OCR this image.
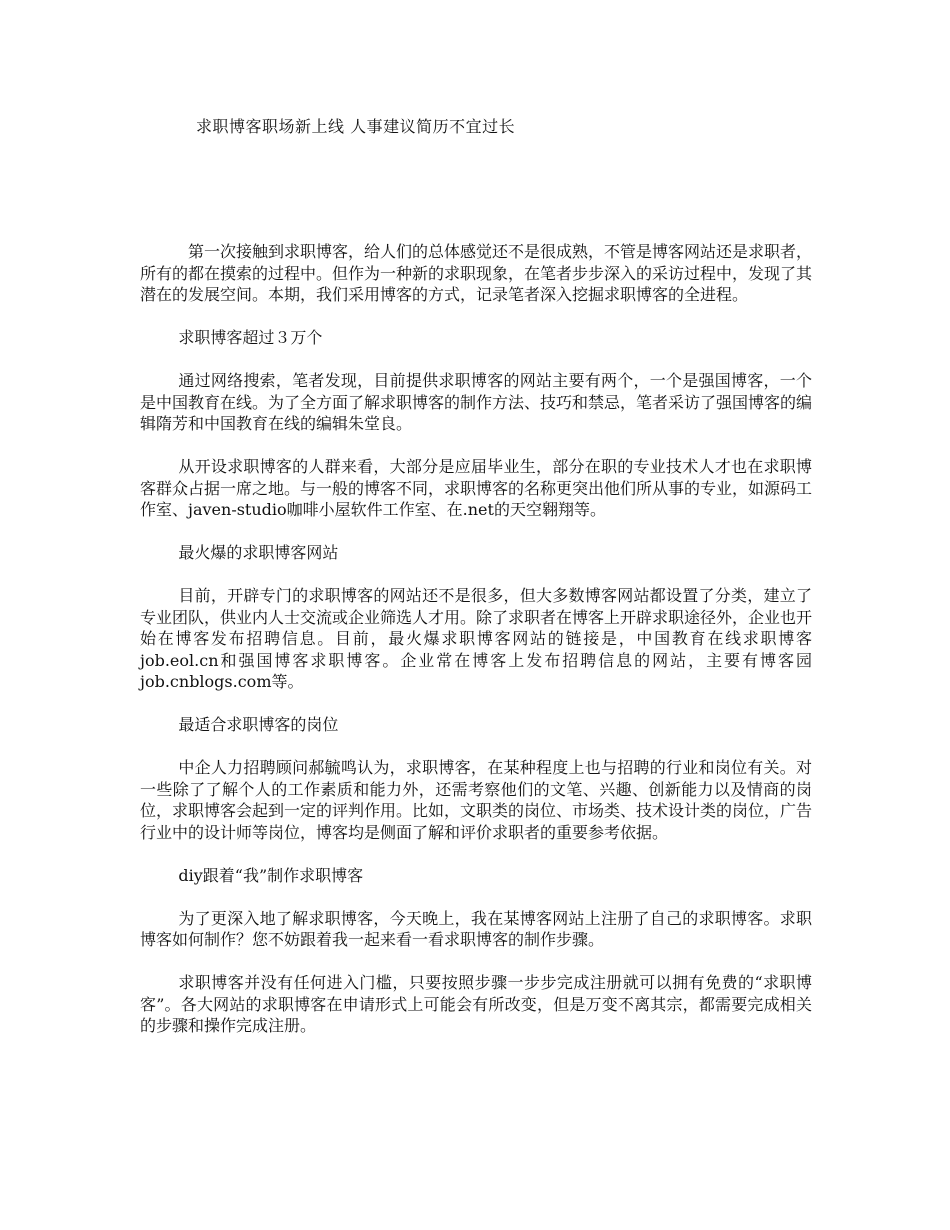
求职博客职场新上线 人事建议简历不宜过长

第一次接触到求职博客，给人们的总体感觉还不是很成熟，不管是博客网站还是求职者，所有的都在摸索的过程中。但作为一种新的求职现象，在笔者步步深入的采访过程中，发现了其潜在的发展空间。本期，我们采用博客的方式，记录笔者深入挖掘求职博客的全进程。

求职博客超过３万个

通过网络搜索，笔者发现，目前提供求职博客的网站主要有两个，一个是强国博客，一个是中国教育在线。为了全方面了解求职博客的制作方法、技巧和禁忌，笔者采访了强国博客的编辑隋芳和中国教育在线的编辑朱堂良。

从开设求职博客的人群来看，大部分是应届毕业生，部分在职的专业技术人才也在求职博客群众占据一席之地。与一般的博客不同，求职博客的名称更突出他们所从事的专业，如源码工作室、javen-studio咖啡小屋软件工作室、在.net的天空翱翔等。

最火爆的求职博客网站

目前，开辟专门的求职博客的网站还不是很多，但大多数博客网站都设置了分类，建立了专业团队，供业内人士交流或企业筛选人才用。除了求职者在博客上开辟求职途径外，企业也开始在博客发布招聘信息。目前，最火爆求职博客网站的链接是，中国教育在线求职博客job.eol.cn和强国博客求职博客。企业常在博客上发布招聘信息的网站，主要有博客园job.cnblogs.com等。

最适合求职博客的岗位

中企人力招聘顾问郝毓鸣认为，求职博客，在某种程度上也与招聘的行业和岗位有关。对一些除了了解个人的工作素质和能力外，还需考察他们的文笔、兴趣、创新能力以及情商的岗位，求职博客会起到一定的评判作用。比如，文职类的岗位、市场类、技术设计类的岗位，广告行业中的设计师等岗位，博客均是侧面了解和评价求职者的重要参考依据。

diy跟着“我”制作求职博客

为了更深入地了解求职博客，今天晚上，我在某博客网站上注册了自己的求职博客。求职博客如何制作？您不妨跟着我一起来看一看求职博客的制作步骤。

求职博客并没有任何进入门槛，只要按照步骤一步步完成注册就可以拥有免费的“求职博客”。各大网站的求职博客在申请形式上可能会有所改变，但是万变不离其宗，都需要完成相关的步骤和操作完成注册。
